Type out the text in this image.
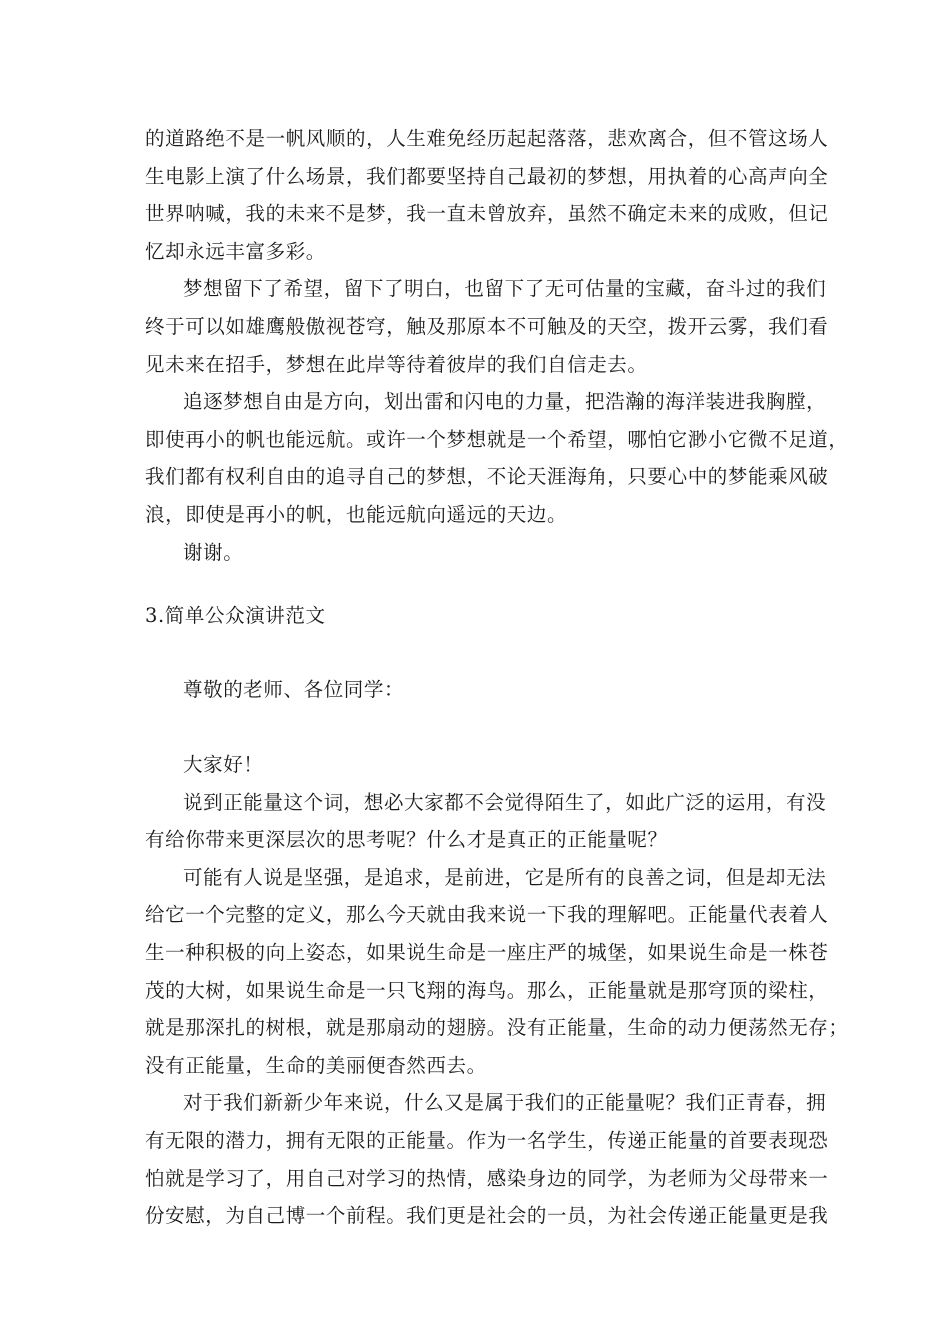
的道路绝不是一帆风顺的，人生难免经历起起落落，悲欢离合，但不管这场人
生电影上演了什么场景，我们都要坚持自己最初的梦想，用执着的心高声向全
世界呐喊，我的未来不是梦，我一直未曾放弃，虽然不确定未来的成败，但记
忆却永远丰富多彩。
梦想留下了希望，留下了明白，也留下了无可估量的宝藏，奋斗过的我们
终于可以如雄鹰般傲视苍穹，触及那原本不可触及的天空，拨开云雾，我们看
见未来在招手，梦想在此岸等待着彼岸的我们自信走去。
追逐梦想自由是方向，划出雷和闪电的力量，把浩瀚的海洋装进我胸膛，
即使再小的帆也能远航。或许一个梦想就是一个希望，哪怕它渺小它微不足道，
我们都有权利自由的追寻自己的梦想，不论天涯海角，只要心中的梦能乘风破
浪，即使是再小的帆，也能远航向遥远的天边。
谢谢。
3.简单公众演讲范文
尊敬的老师、各位同学：
大家好！
说到正能量这个词，想必大家都不会觉得陌生了，如此广泛的运用，有没
有给你带来更深层次的思考呢？什么才是真正的正能量呢？
可能有人说是坚强，是追求，是前进，它是所有的良善之词，但是却无法
给它一个完整的定义，那么今天就由我来说一下我的理解吧。正能量代表着人
生一种积极的向上姿态，如果说生命是一座庄严的城堡，如果说生命是一株苍
茂的大树，如果说生命是一只飞翔的海鸟。那么，正能量就是那穹顶的梁柱，
就是那深扎的树根，就是那扇动的翅膀。没有正能量，生命的动力便荡然无存；
没有正能量，生命的美丽便杳然西去。
对于我们新新少年来说，什么又是属于我们的正能量呢？我们正青春，拥
有无限的潜力，拥有无限的正能量。作为一名学生，传递正能量的首要表现恐
怕就是学习了，用自己对学习的热情，感染身边的同学，为老师为父母带来一
份安慰，为自己博一个前程。我们更是社会的一员，为社会传递正能量更是我
